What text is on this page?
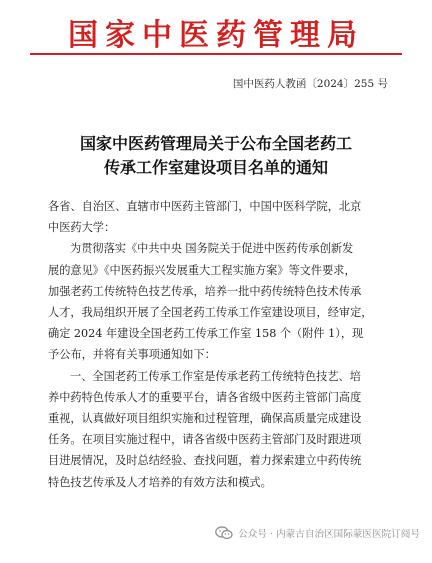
国家中医药管理局
国中医药人教函〔2024〕255 号
国家中医药管理局关于公布全国老药工
传承工作室建设项目名单的通知

各省、自治区、直辖市中医药主管部门，中国中医科学院，北京
中医药大学：

为贯彻落实《中共中央 国务院关于促进中医药传承创新发
展的意见》《中医药振兴发展重大工程实施方案》等文件要求，
加强老药工传统特色技艺传承，培养一批中药传统特色技术传承
人才，我局组织开展了全国老药工传承工作室建设项目，经审定，
确定 2024 年建设全国老药工传承工作室 158 个（附件 1），现
予公布，并将有关事项通知如下：

一、全国老药工传承工作室是传承老药工传统特色技艺、培
养中药特色传承人才的重要平台，请各省级中医药主管部门高度
重视，认真做好项目组织实施和过程管理，确保高质量完成建设
任务。在项目实施过程中，请各省级中医药主管部门及时跟进项
目进展情况，及时总结经验、查找问题，着力探索建立中药传统
特色技艺传承及人才培养的有效方法和模式。

公众号 · 内蒙古自治区国际蒙医医院订阅号
